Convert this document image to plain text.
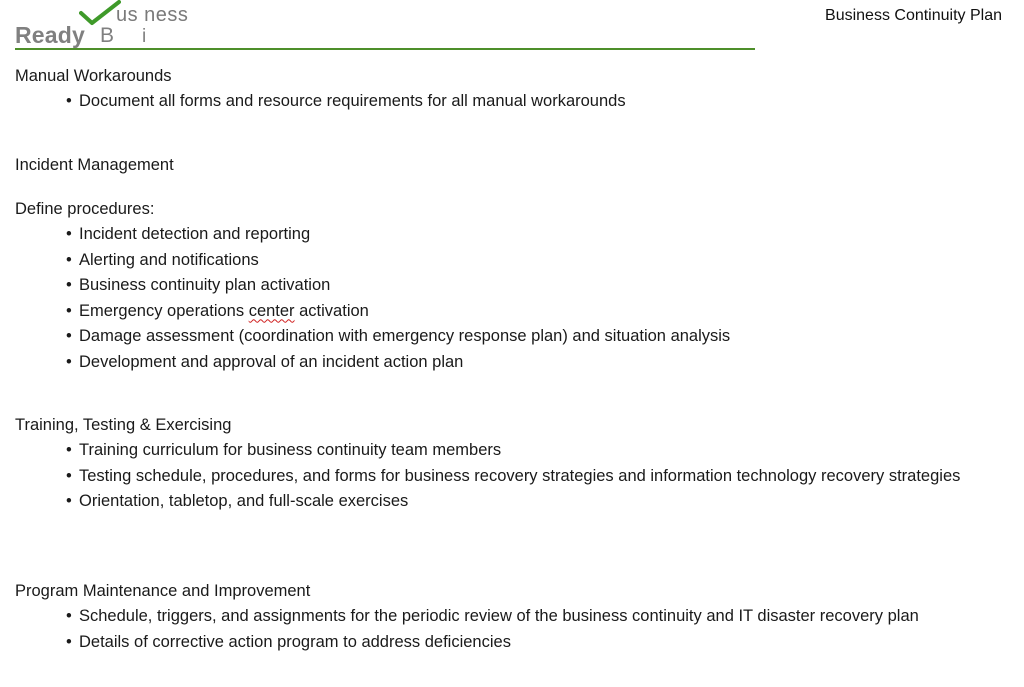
us ness
Ready B i
Business Continuity Plan

Manual Workarounds

• Document all forms and resource requirements for all manual workarounds

Incident Management

Define procedures:

• Incident detection and reporting
• Alerting and notifications
• Business continuity plan activation
• Emergency operations center activation
• Damage assessment (coordination with emergency response plan) and situation analysis
• Development and approval of an incident action plan

Training, Testing & Exercising

• Training curriculum for business continuity team members
• Testing schedule, procedures, and forms for business recovery strategies and information technology recovery strategies
• Orientation, tabletop, and full-scale exercises

Program Maintenance and Improvement

• Schedule, triggers, and assignments for the periodic review of the business continuity and IT disaster recovery plan
• Details of corrective action program to address deficiencies
